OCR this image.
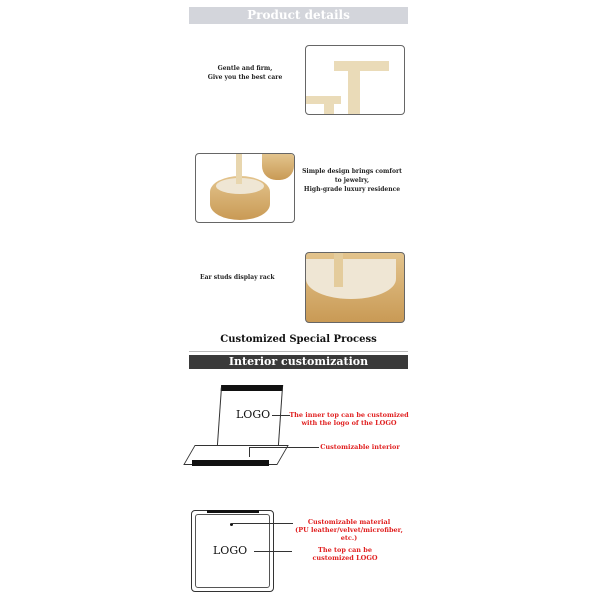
Product details
Gentle and firm,
Give you the best care
Simple design brings comfort
to jewelry,
High-grade luxury residence
Ear studs display rack
Customized Special Process
Interior customization
LOGO	The inner top can be customized
with the logo of the LOGO
Customizable interior
LOGO
Customizable material
(PU leather/velvet/microfiber, etc.)
The top can be
customized LOGO
